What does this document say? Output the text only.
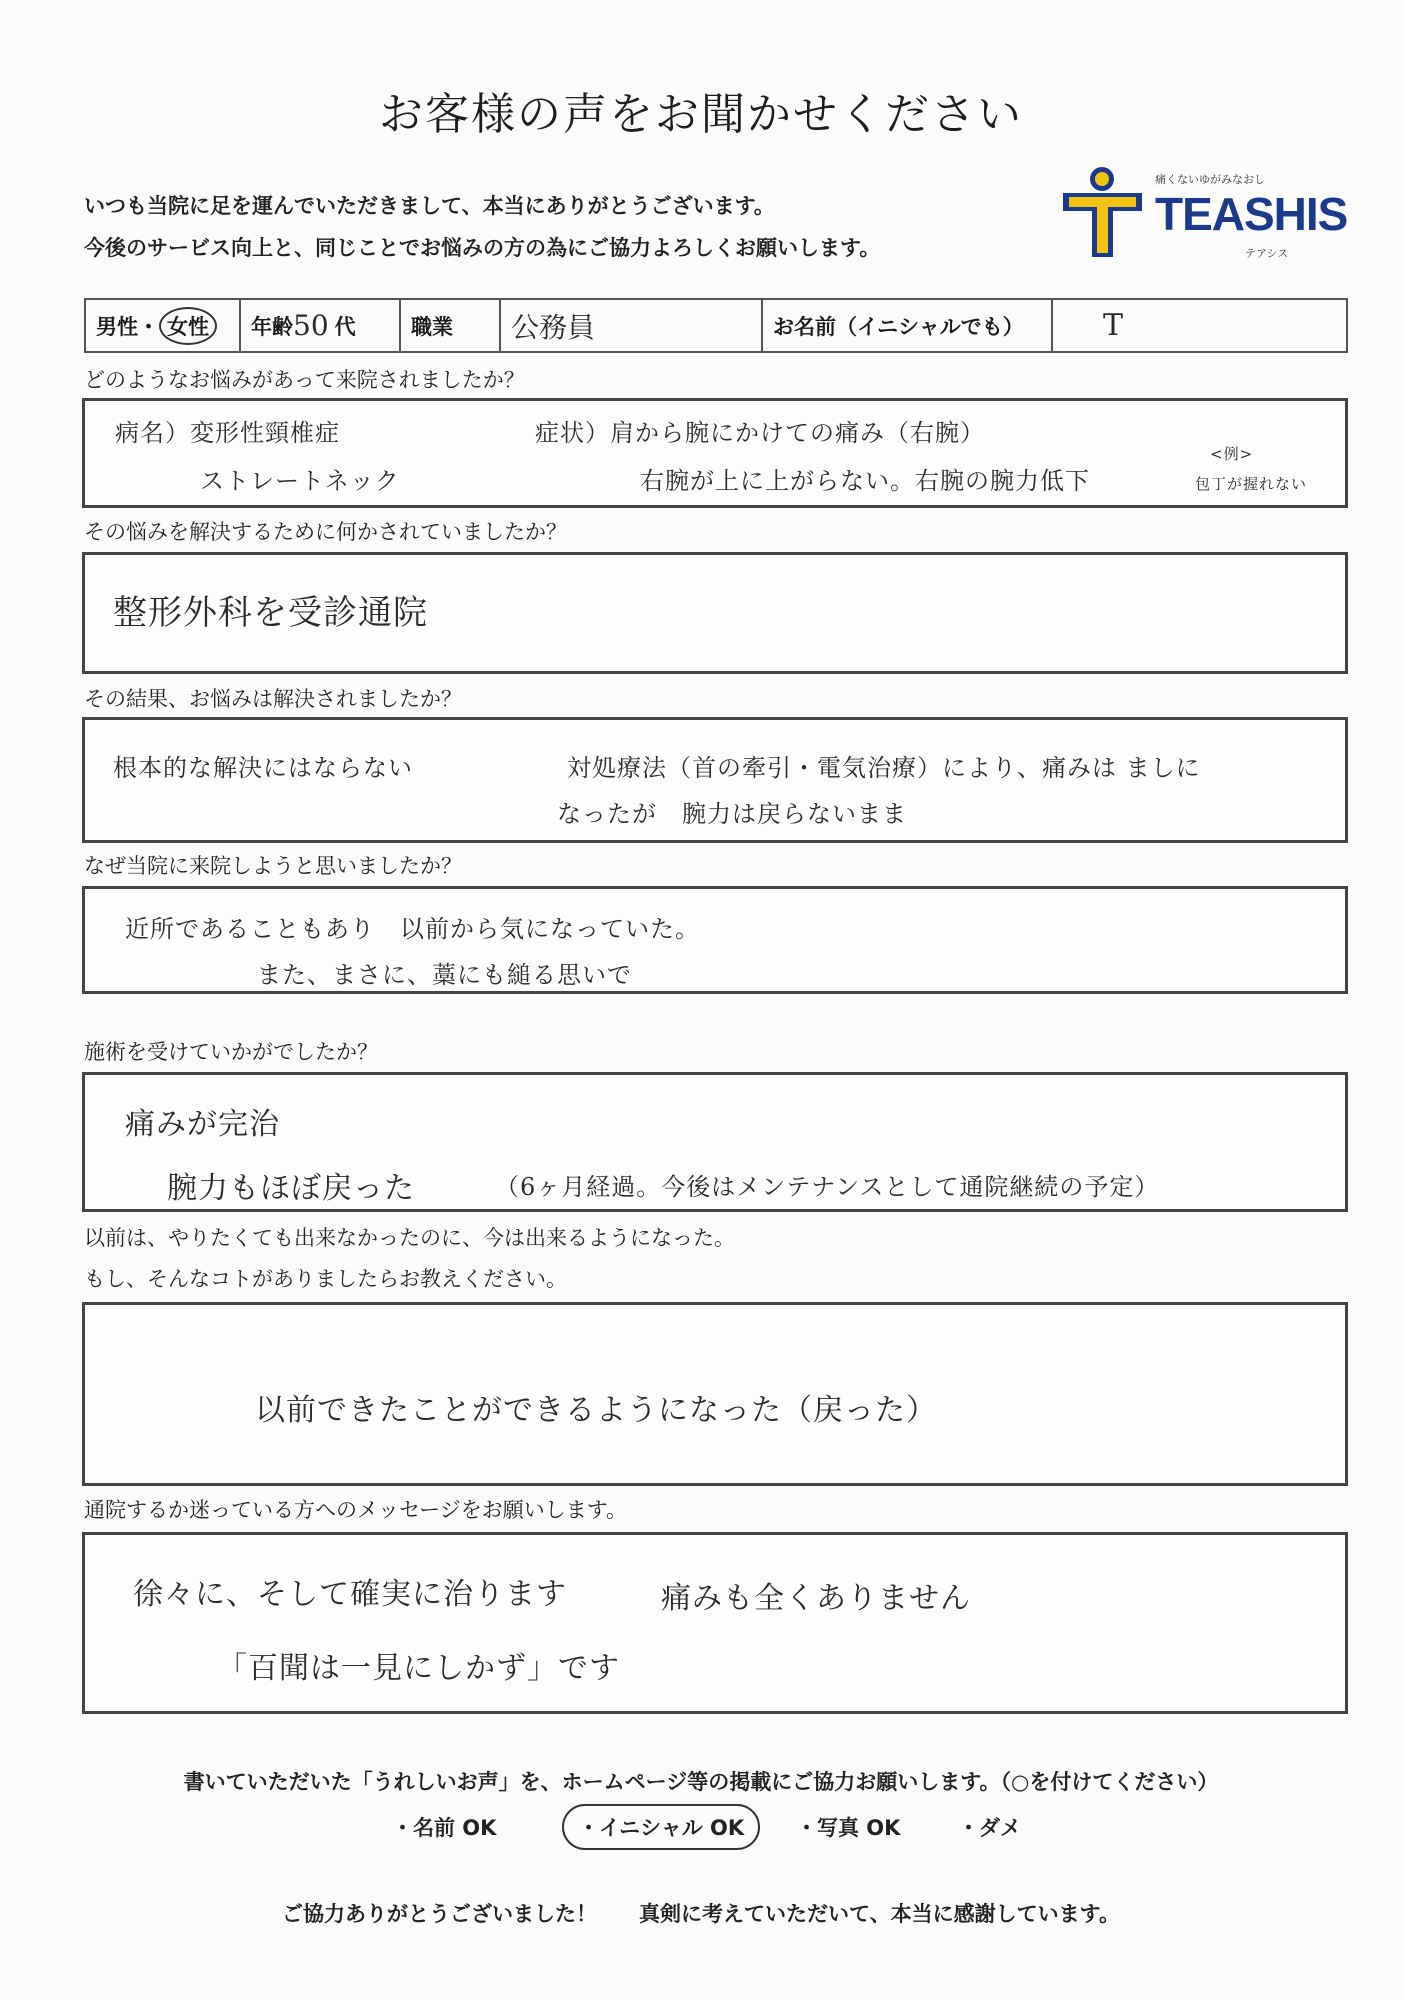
お客様の声をお聞かせください
いつも当院に足を運んでいただきまして、本当にありがとうございます。
今後のサービス向上と、同じことでお悩みの方の為にご協力よろしくお願いします。
痛くないゆがみなおし
TEASHIS
テアシス
男性 ・ 女性	年齢 50 代	職業 公務員	お名前（イニシャルでも）	T
どのようなお悩みがあって来院されましたか？
病名）変形性頸椎症
ストレートネック
症状）肩から腕にかけての痛み（右腕）
右腕が上に上がらない。右腕の腕力低下
<例>
包丁が握れない
その悩みを解決するために何かされていましたか？
整形外科を受診通院
その結果、お悩みは解決されましたか？
根本的な解決にはならない	対処療法（首の牽引・電気治療）により、痛みは ましに
なったが　腕力は戻らないまま
なぜ当院に来院しようと思いましたか？
近所であることもあり　以前から気になっていた。
また、まさに、藁にも縋る思いで
施術を受けていかがでしたか？
痛みが完治
腕力もほぼ戻った	（6ヶ月経過。今後はメンテナンスとして通院継続の予定）
以前は、やりたくても出来なかったのに、今は出来るようになった。
もし、そんなコトがありましたらお教えください。
以前できたことができるようになった（戻った）
通院するか迷っている方へのメッセージをお願いします。
徐々に、そして確実に治ります	痛みも全くありません
「百聞は一見にしかず」です
書いていただいた「うれしいお声」を、ホームページ等の掲載にご協力お願いします。（○を付けてください）
・名前 OK	・イニシャル OK	・写真 OK	・ダメ
ご協力ありがとうございました！　　真剣に考えていただいて、本当に感謝しています。
